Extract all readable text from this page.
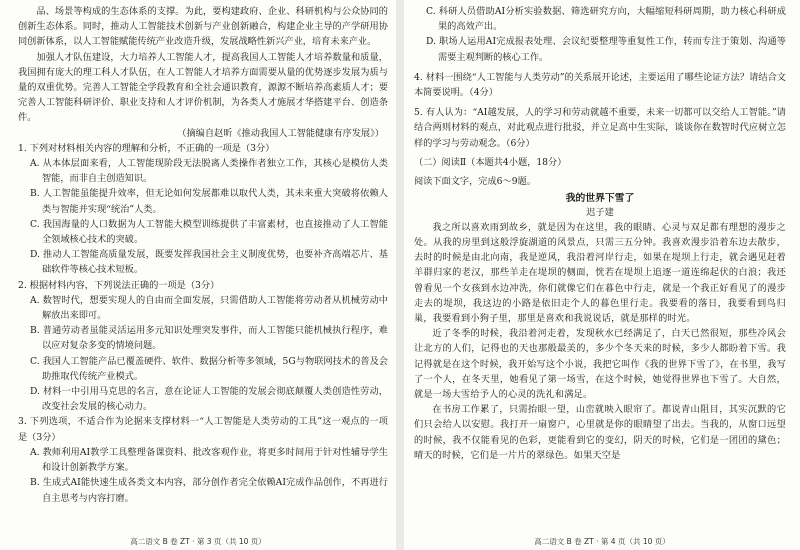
品、场景等构成的生态体系的支撑。为此，要构建政府、企业、科研机构与公众协同的创新生态体系。同时，推动人工智能技术创新与产业创新融合，构建企业主导的产学研用协同创新体系，以人工智能赋能传统产业改造升级，发展战略性新兴产业，培育未来产业。

加强人才队伍建设，大力培养人工智能人才，提高我国人工智能人才培养数量和质量，我国拥有庞大的理工科人才队伍，在人工智能人才培养方面需要从量的优势逐步发展为质与量的双重优势。完善人工智能全学段教育和全社会通识教育，源源不断培养高素质人才；要完善人工智能科研评价、职业支持和人才评价机制，为各类人才施展才华搭建平台、创造条件。

（摘编自赵昕《推动我国人工智能健康有序发展》）

1. 下列对材料相关内容的理解和分析，不正确的一项是（3分）

A. 从本体层面来看，人工智能现阶段无法脱离人类操作者独立工作，其核心是模仿人类智能，而非自主创造知识。

B. 人工智能虽能提升效率，但无论如何发展都难以取代人类，其未来重大突破将依赖人类与智能并实现“统治”人类。

C. 我国海量的人口数据为人工智能大模型训练提供了丰富素材，也直接推动了人工智能全领域核心技术的突破。

D. 推动人工智能高质量发展，既要发挥我国社会主义制度优势，也要补齐高端芯片、基础软件等核心技术短板。

2. 根据材料内容，下列说法正确的一项是（3分）

A. 数智时代，想要实现人的自由而全面发展，只需借助人工智能将劳动者从机械劳动中解放出来即可。

B. 普通劳动者虽能灵活运用多元知识处理突发事件，而人工智能只能机械执行程序，难以应对复杂多变的情境问题。

C. 我国人工智能产品已覆盖硬件、软件、数据分析等多领域，5G与物联网技术的普及会助推取代传统产业模式。

D. 材料一中引用马克思的名言，意在论证人工智能的发展会彻底颠覆人类创造性劳动，改变社会发展的核心动力。

3. 下列选项，不适合作为论据来支撑材料一“人工智能是人类劳动的工具”这一观点的一项是（3分）

A. 教师利用AI教学工具整理备课资料、批改客观作业，将更多时间用于针对性辅导学生和设计创新教学方案。

B. 生成式AI能快速生成各类文本内容，部分创作者完全依赖AI完成作品创作，不再进行自主思考与内容打磨。

高二语文 B 卷 ZT · 第 3 页（共 10 页）

C. 科研人员借助AI分析实验数据、筛选研究方向，大幅缩短科研周期，助力核心科研成果的高效产出。

D. 职场人运用AI完成报表处理、会议纪要整理等重复性工作，转而专注于策划、沟通等需要主观判断的核心工作。

4. 材料一围绕“人工智能与人类劳动”的关系展开论述，主要运用了哪些论证方法？请结合文本简要说明。（4分）

5. 有人认为：“AI越发展，人的学习和劳动就越不重要，未来一切都可以交给人工智能。”请结合两则材料的观点，对此观点进行批驳，并立足高中生实际，谈谈你在数智时代应树立怎样的学习与劳动观念。（6分）

（二）阅读Ⅱ（本题共4小题，18分）
阅读下面文字，完成6～9题。
我的世界下雪了
迟子建

我之所以喜欢雨到故乡，就是因为在这里，我的眼睛、心灵与双足都有理想的漫步之处。从我的房里到这般浮旋湖道的风景点，只需三五分钟。我喜欢漫步沿着东边去散步，去时的时候是由北向南，我是逆风，我沿着河岸行走，如果在堤坝上行走，就会遇见赶着羊群归家的老汉，那些羊走在堤坝的侧面，恍若在堤坝上追逐一道连绵起伏的白浪；我还曾看见一个女孩到水边冲洗，你们就像它们在暮色中行走，就是一个我正好看见了的漫步走去的堤坝，我这边的小路是依旧走个人的暮色里行走。我要看的落日，我要看到鸟归巢，我要看到小狗子里，那里是喜欢和我说说话，就是那样的时光。

近了冬季的时候，我沿着河走着，发现秋水已经满足了，白天已然很短，那些冷风会让北方的人们，记得也的天也那般最美的，多少个冬天来的时候，多少人都盼着下雪。我记得就是在这个时候，我开始写这个小说，我把它叫作《我的世界下雪了》，在书里，我写了一个人，在冬天里，她看见了第一场雪，在这个时候，她觉得世界也下雪了。大自然，就是一场大雪给予人的心灵的洗礼和满足。

在书房工作累了，只需抬眼一望，山峦就映入眼帘了。都说青山阻目，其实沉默的它们只会给人以安慰。我打开一扇窗户，心里就是你的眼睛望了出去。当我的，从窗口远望的时候，我不仅能看见的色彩，更能看到它的变幻，阴天的时候，它们是一团团的黛色；晴天的时候，它们是一片片的翠绿色。如果天空是

高二语文 B 卷 ZT · 第 4 页（共 10 页）
